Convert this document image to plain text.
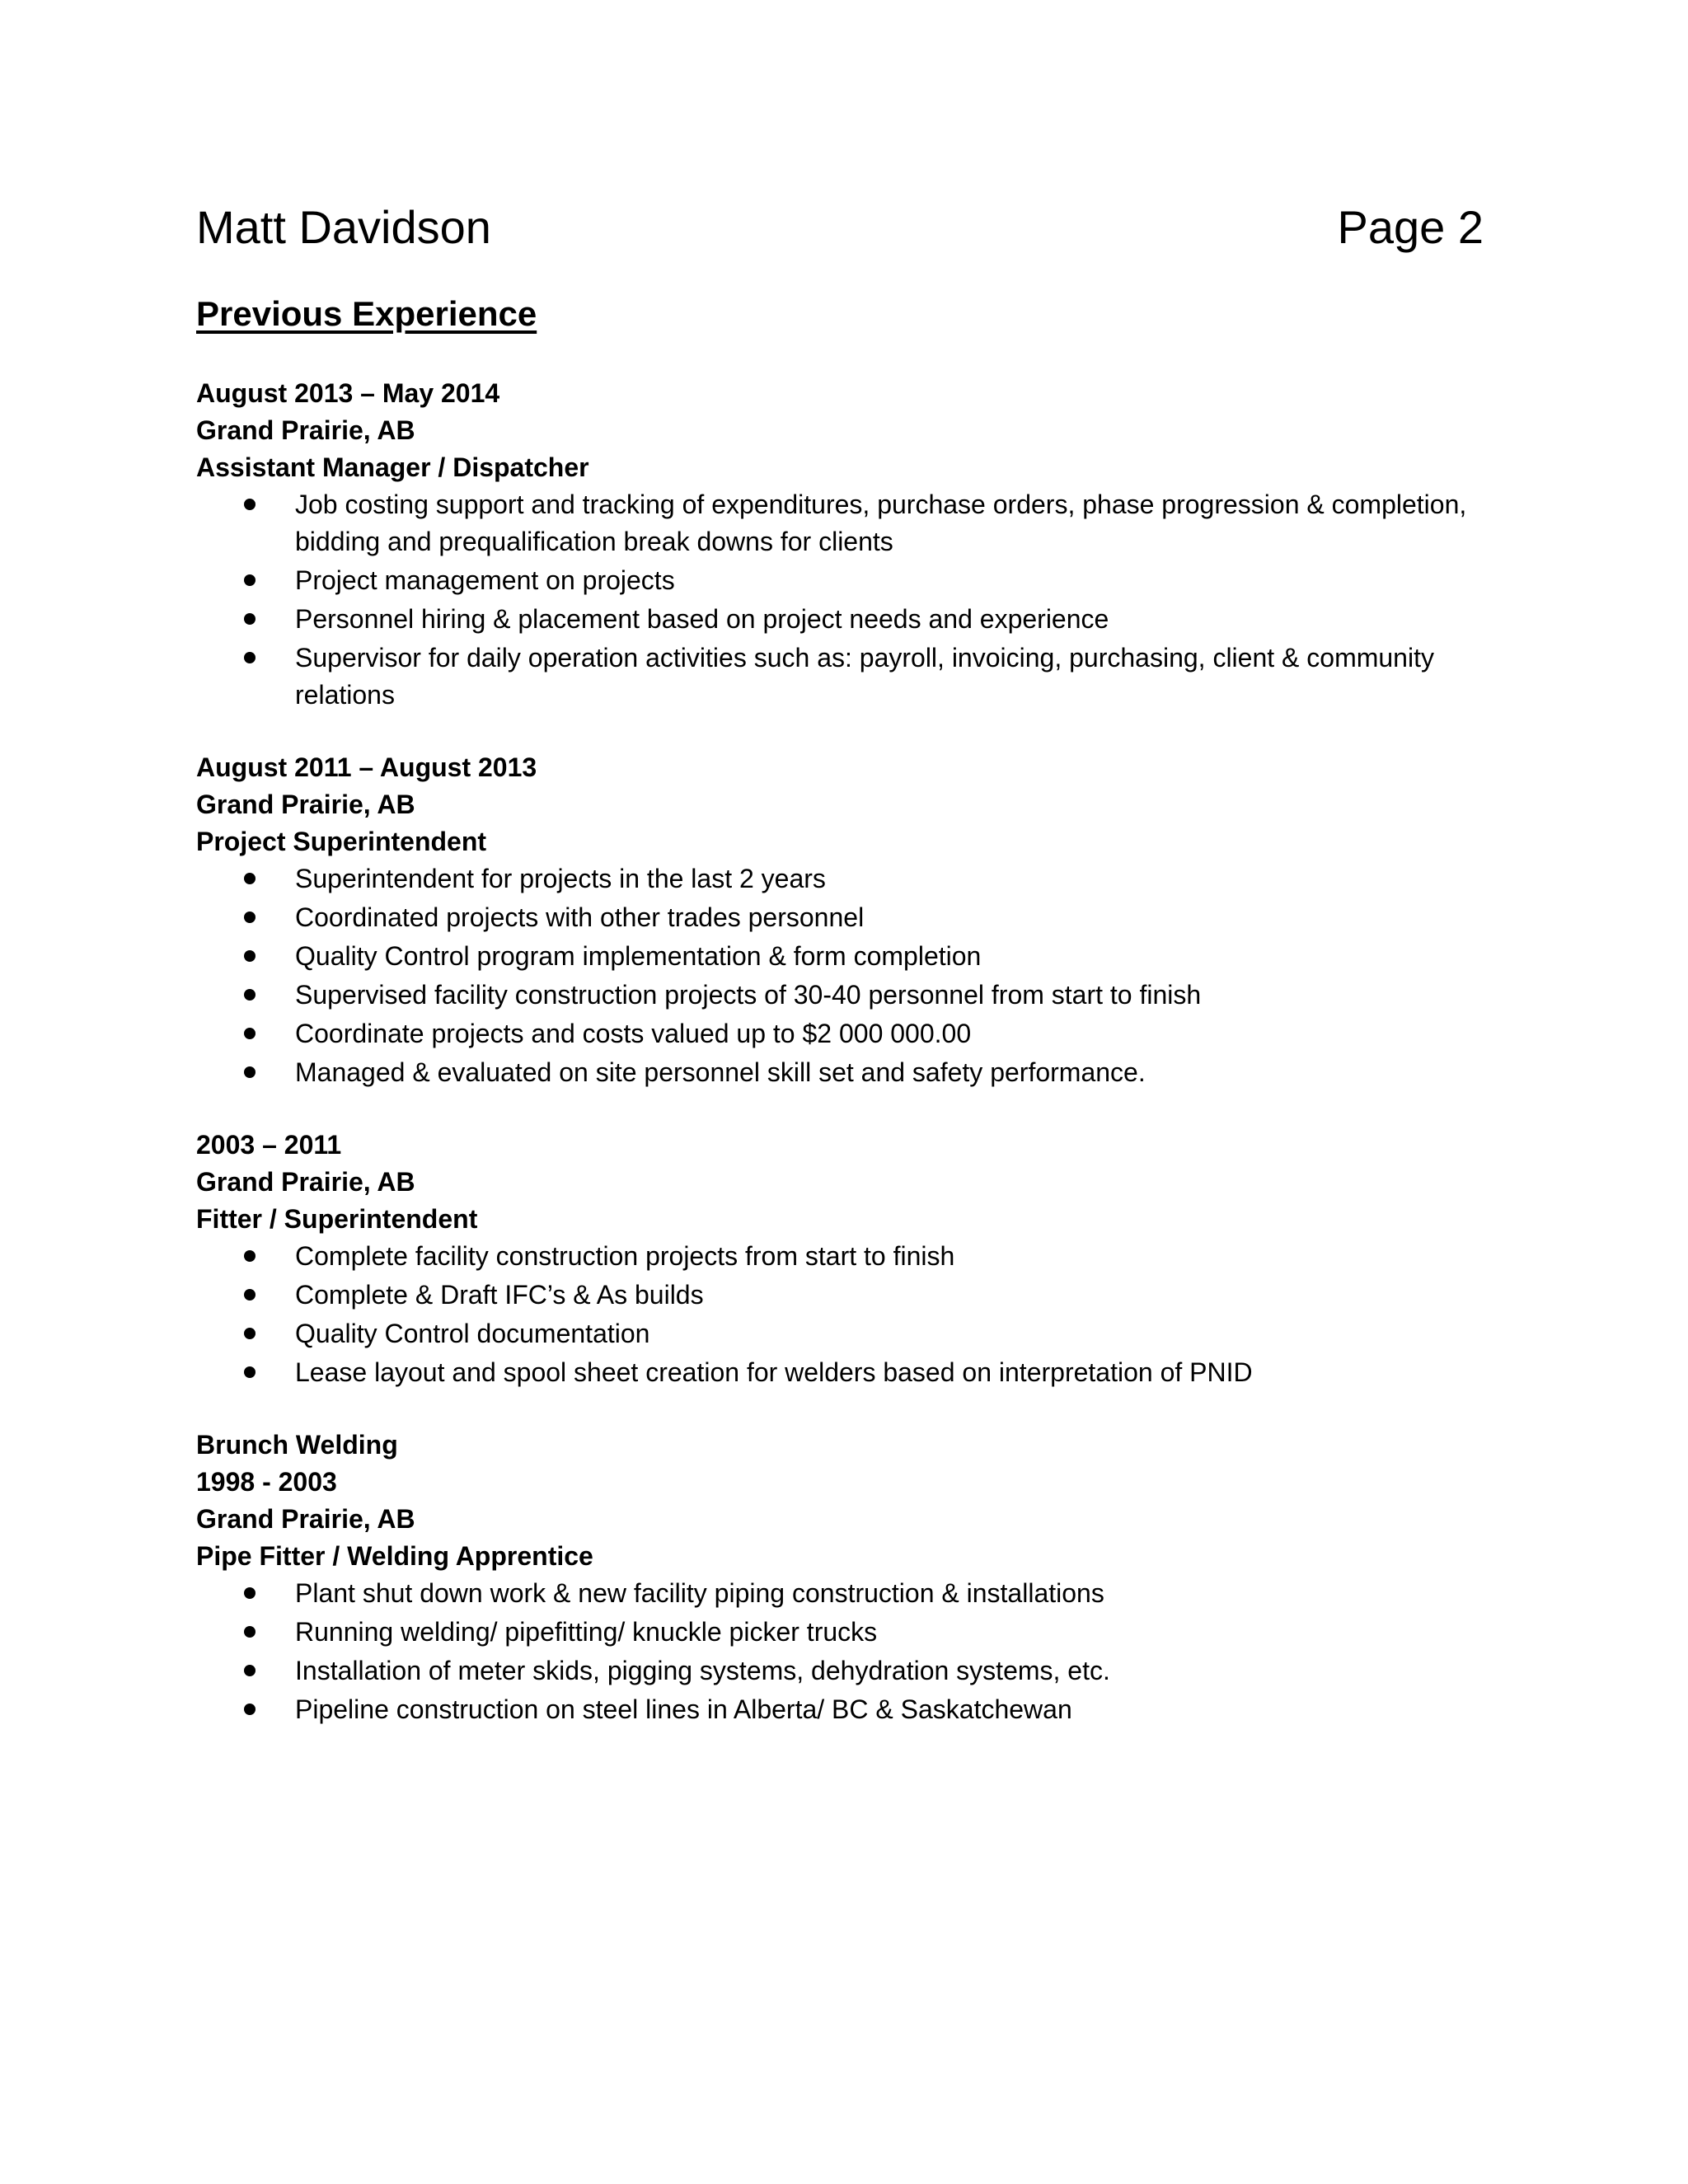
Matt Davidson	Page 2
Previous Experience
August 2013 – May 2014
Grand Prairie, AB
Assistant Manager / Dispatcher
Job costing support and tracking of expenditures, purchase orders, phase progression & completion, bidding and prequalification break downs for clients
Project management on projects
Personnel hiring & placement based on project needs and experience
Supervisor for daily operation activities such as: payroll, invoicing, purchasing, client & community relations
August 2011 – August 2013
Grand Prairie, AB
Project Superintendent
Superintendent for projects in the last 2 years
Coordinated projects with other trades personnel
Quality Control program implementation & form completion
Supervised facility construction projects of 30-40 personnel from start to finish
Coordinate projects and costs valued up to $2 000 000.00
Managed & evaluated on site personnel skill set and safety performance.
2003 – 2011
Grand Prairie, AB
Fitter / Superintendent
Complete facility construction projects from start to finish
Complete & Draft IFC’s & As builds
Quality Control documentation
Lease layout and spool sheet creation for welders based on interpretation of PNID
Brunch Welding
1998 - 2003
Grand Prairie, AB
Pipe Fitter / Welding Apprentice
Plant shut down work & new facility piping construction & installations
Running welding/ pipefitting/ knuckle picker trucks
Installation of meter skids, pigging systems, dehydration systems, etc.
Pipeline construction on steel lines in Alberta/ BC & Saskatchewan
